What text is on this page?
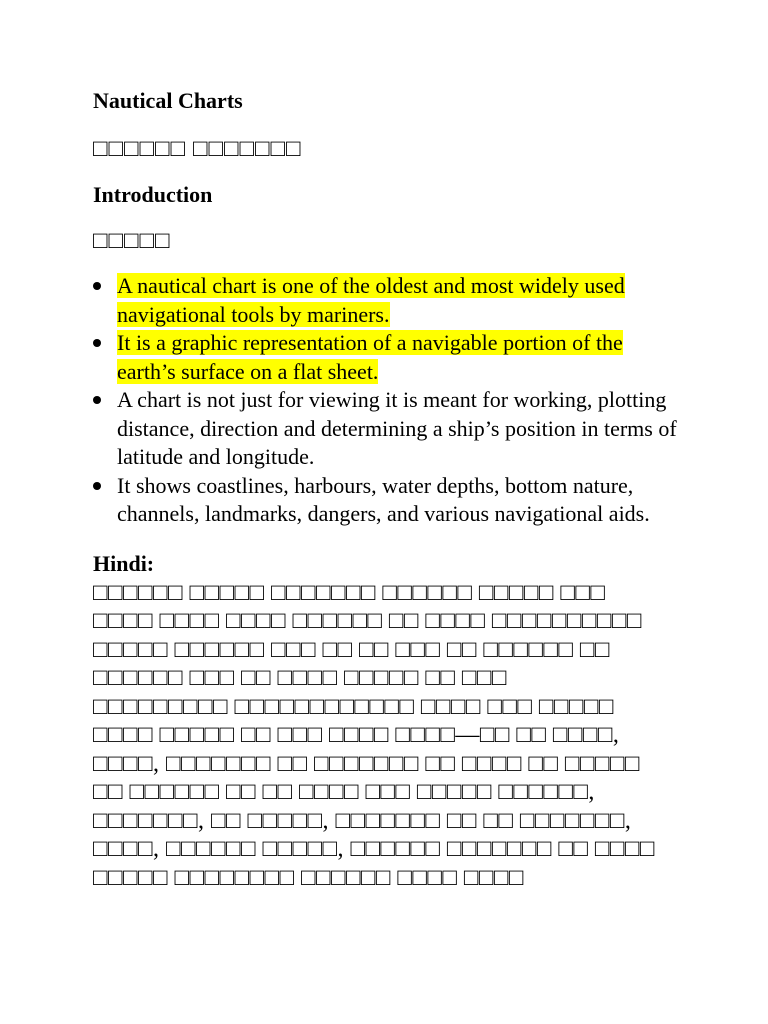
Nautical Charts

□□□□□□ □□□□□□□

Introduction

□□□□□

A nautical chart is one of the oldest and most widely used navigational tools by mariners.
It is a graphic representation of a navigable portion of the earth’s surface on a flat sheet.
A chart is not just for viewing it is meant for working, plotting distance, direction and determining a ship’s position in terms of latitude and longitude.
It shows coastlines, harbours, water depths, bottom nature, channels, landmarks, dangers, and various navigational aids.

Hindi:

□□□□□□ □□□□□ □□□□□□□ □□□□□□ □□□□□ □□□
□□□□ □□□□ □□□□ □□□□□□ □□ □□□□ □□□□□□□□□□
□□□□□ □□□□□□ □□□ □□ □□ □□□ □□ □□□□□□ □□
□□□□□□ □□□ □□ □□□□ □□□□□ □□ □□□
□□□□□□□□□ □□□□□□□□□□□□ □□□□ □□□ □□□□□
□□□□ □□□□□ □□ □□□ □□□□ □□□□—□□ □□ □□□□,
□□□□, □□□□□□□ □□ □□□□□□□ □□ □□□□ □□ □□□□□
□□ □□□□□□ □□ □□ □□□□ □□□ □□□□□ □□□□□□,
□□□□□□□, □□ □□□□□, □□□□□□□ □□ □□ □□□□□□□,
□□□□, □□□□□□ □□□□□, □□□□□□ □□□□□□□ □□ □□□□
□□□□□ □□□□□□□□ □□□□□□ □□□□ □□□□
